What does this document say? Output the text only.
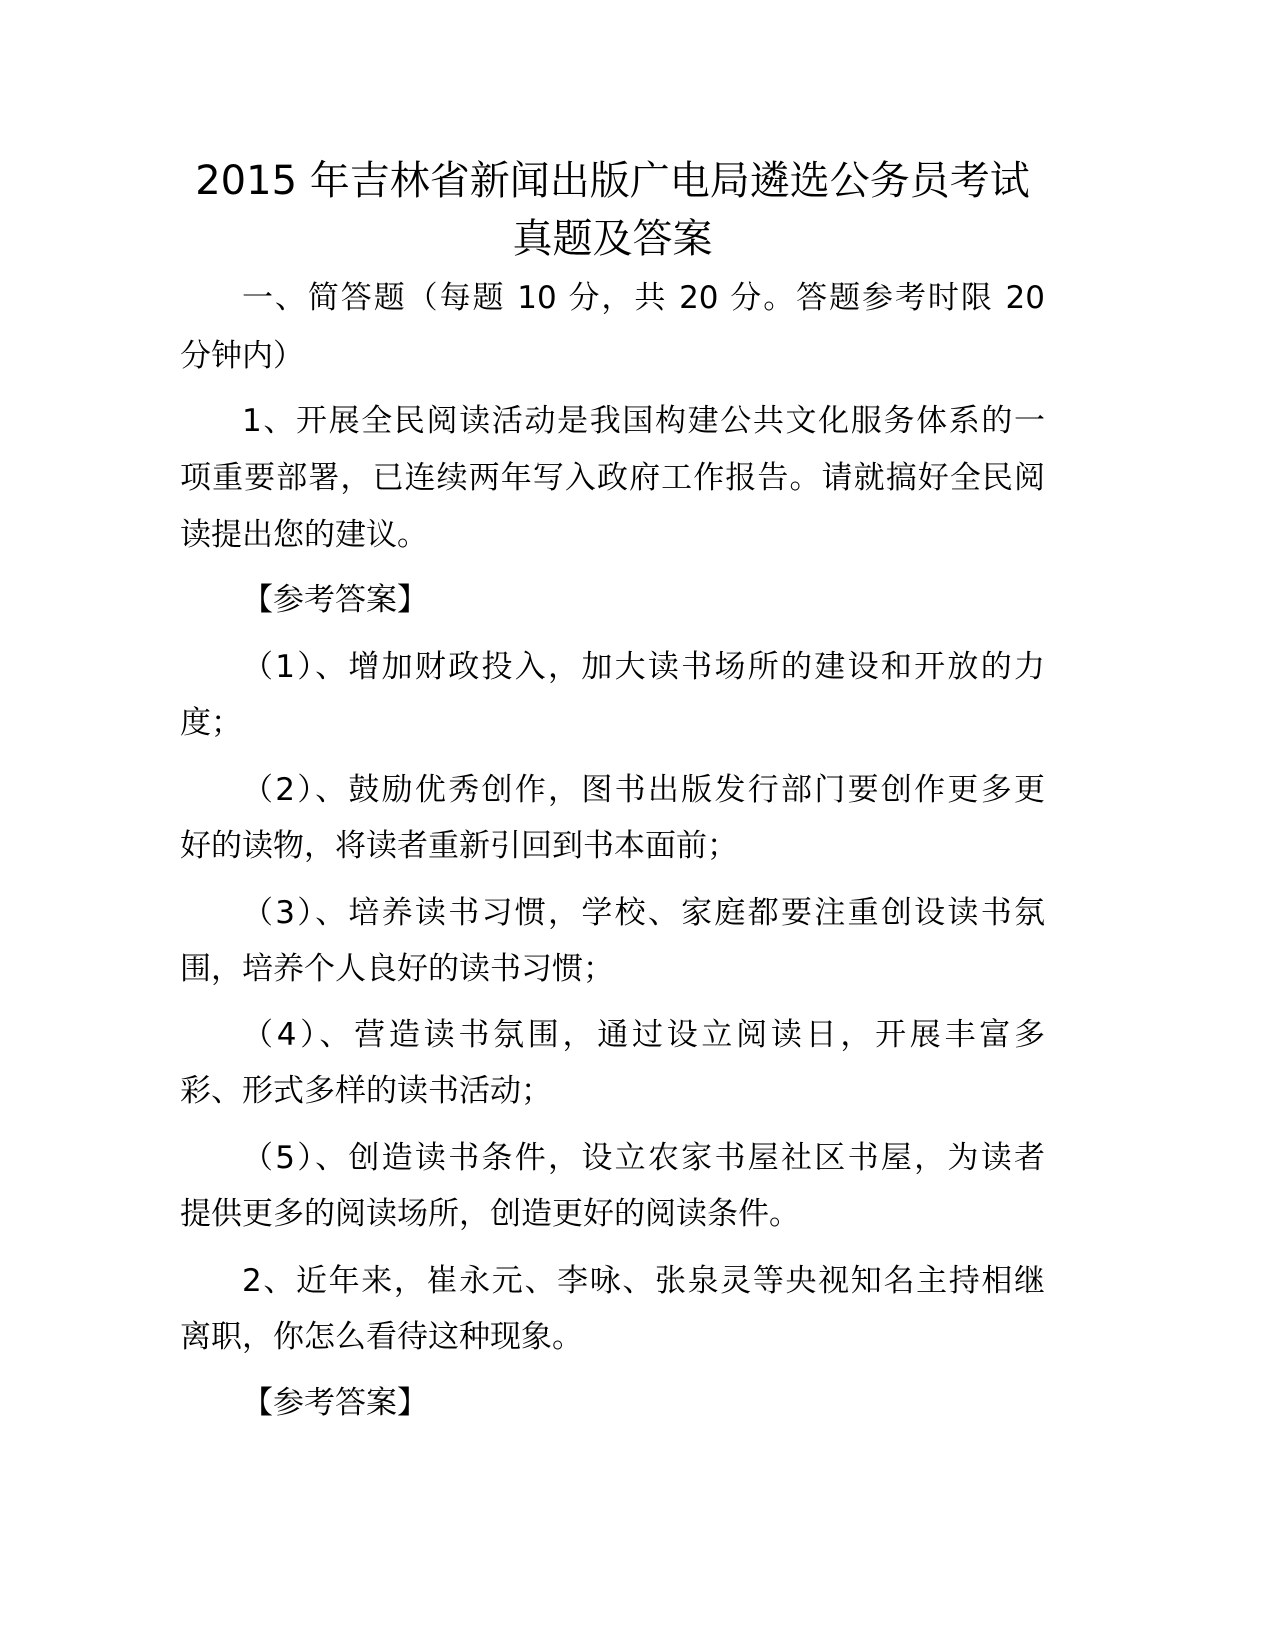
2015 年吉林省新闻出版广电局遴选公务员考试
真题及答案

一、简答题（每题 10 分，共 20 分。答题参考时限 20

分钟内）

1、开展全民阅读活动是我国构建公共文化服务体系的一

项重要部署，已连续两年写入政府工作报告。请就搞好全民阅

读提出您的建议。

【参考答案】

（1）、增加财政投入，加大读书场所的建设和开放的力

度；

（2）、鼓励优秀创作，图书出版发行部门要创作更多更

好的读物，将读者重新引回到书本面前；

（3）、培养读书习惯，学校、家庭都要注重创设读书氛

围，培养个人良好的读书习惯；

（4）、营造读书氛围，通过设立阅读日，开展丰富多

彩、形式多样的读书活动；

（5）、创造读书条件，设立农家书屋社区书屋，为读者

提供更多的阅读场所，创造更好的阅读条件。

2、近年来，崔永元、李咏、张泉灵等央视知名主持相继

离职，你怎么看待这种现象。

【参考答案】
